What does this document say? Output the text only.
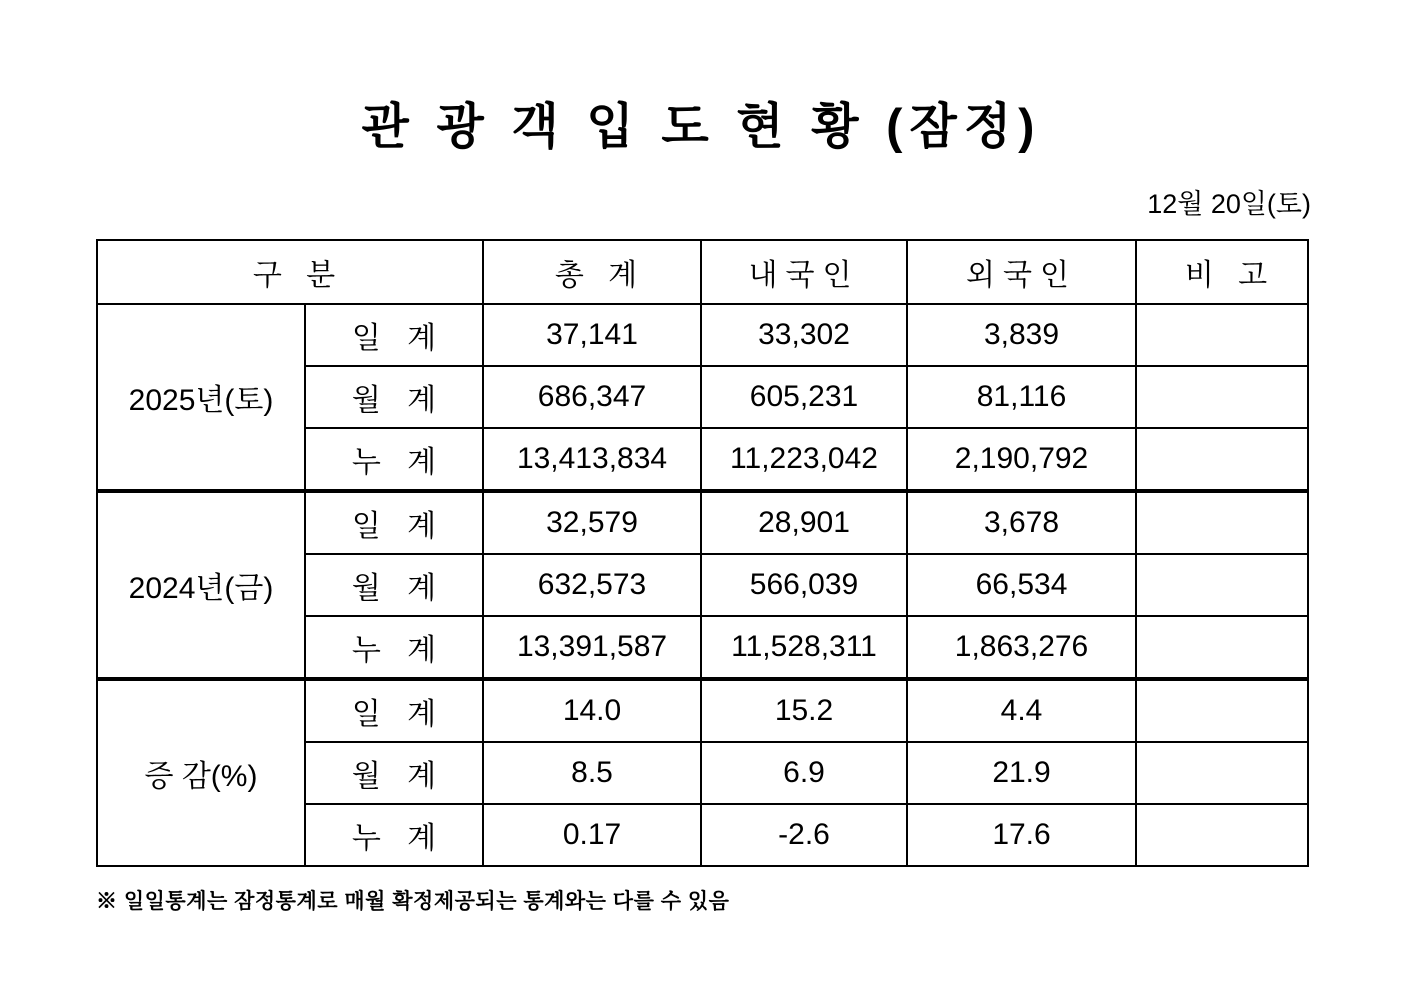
관 광 객 입 도 현 황 (잠정)
12월 20일(토)
구 분		총 계	내국인	외국인	비 고
2025년(토)	일 계	37,141	33,302	3,839	
	월 계	686,347	605,231	81,116	
	누 계	13,413,834	11,223,042	2,190,792	
2024년(금)	일 계	32,579	28,901	3,678	
	월 계	632,573	566,039	66,534	
	누 계	13,391,587	11,528,311	1,863,276	
증 감(%)	일 계	14.0	15.2	4.4	
	월 계	8.5	6.9	21.9	
	누 계	0.17	-2.6	17.6	
※ 일일통계는 잠정통계로 매월 확정제공되는 통계와는 다를 수 있음
